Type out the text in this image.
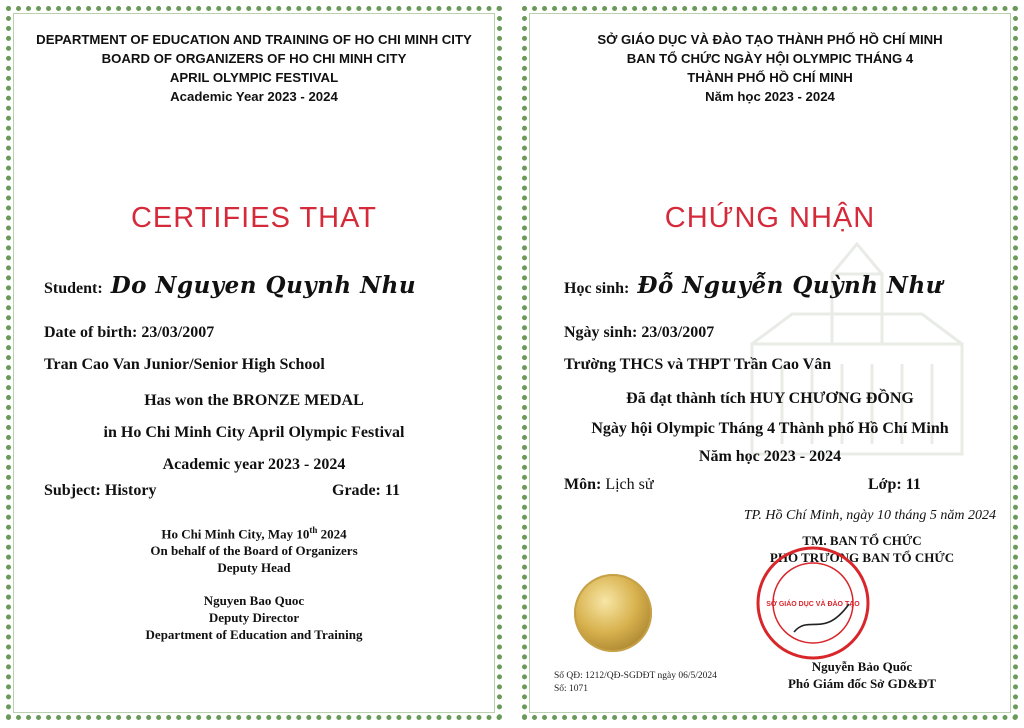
DEPARTMENT OF EDUCATION AND TRAINING OF HO CHI MINH CITY
BOARD OF ORGANIZERS OF HO CHI MINH CITY
APRIL OLYMPIC FESTIVAL
Academic Year 2023 - 2024
CERTIFIES THAT
Student: Do Nguyen Quynh Nhu
Date of birth: 23/03/2007
Tran Cao Van Junior/Senior High School
Has won the BRONZE MEDAL
in Ho Chi Minh City April Olympic Festival
Academic year 2023 - 2024
Subject: History	Grade: 11
Ho Chi Minh City, May 10th 2024
On behalf of the Board of Organizers
Deputy Head
Nguyen Bao Quoc
Deputy Director
Department of Education and Training
SỞ GIÁO DỤC VÀ ĐÀO TẠO THÀNH PHỐ HỒ CHÍ MINH
BAN TỔ CHỨC NGÀY HỘI OLYMPIC THÁNG 4
THÀNH PHỐ HỒ CHÍ MINH
Năm học 2023 - 2024
CHỨNG NHẬN
Học sinh: Đỗ Nguyễn Quỳnh Như
Ngày sinh: 23/03/2007
Trường THCS và THPT Trần Cao Vân
Đã đạt thành tích HUY CHƯƠNG ĐỒNG
Ngày hội Olympic Tháng 4 Thành phố Hồ Chí Minh
Năm học 2023 - 2024
Môn: Lịch sử	Lớp: 11
TP. Hồ Chí Minh, ngày 10 tháng 5 năm 2024
TM. BAN TỔ CHỨC
PHÓ TRƯỞNG BAN TỔ CHỨC
SỞ GIÁO DỤC VÀ ĐÀO TẠO
Số QĐ: 1212/QĐ-SGDĐT ngày 06/5/2024
Số: 1071
Nguyễn Bảo Quốc
Phó Giám đốc Sở GD&ĐT
